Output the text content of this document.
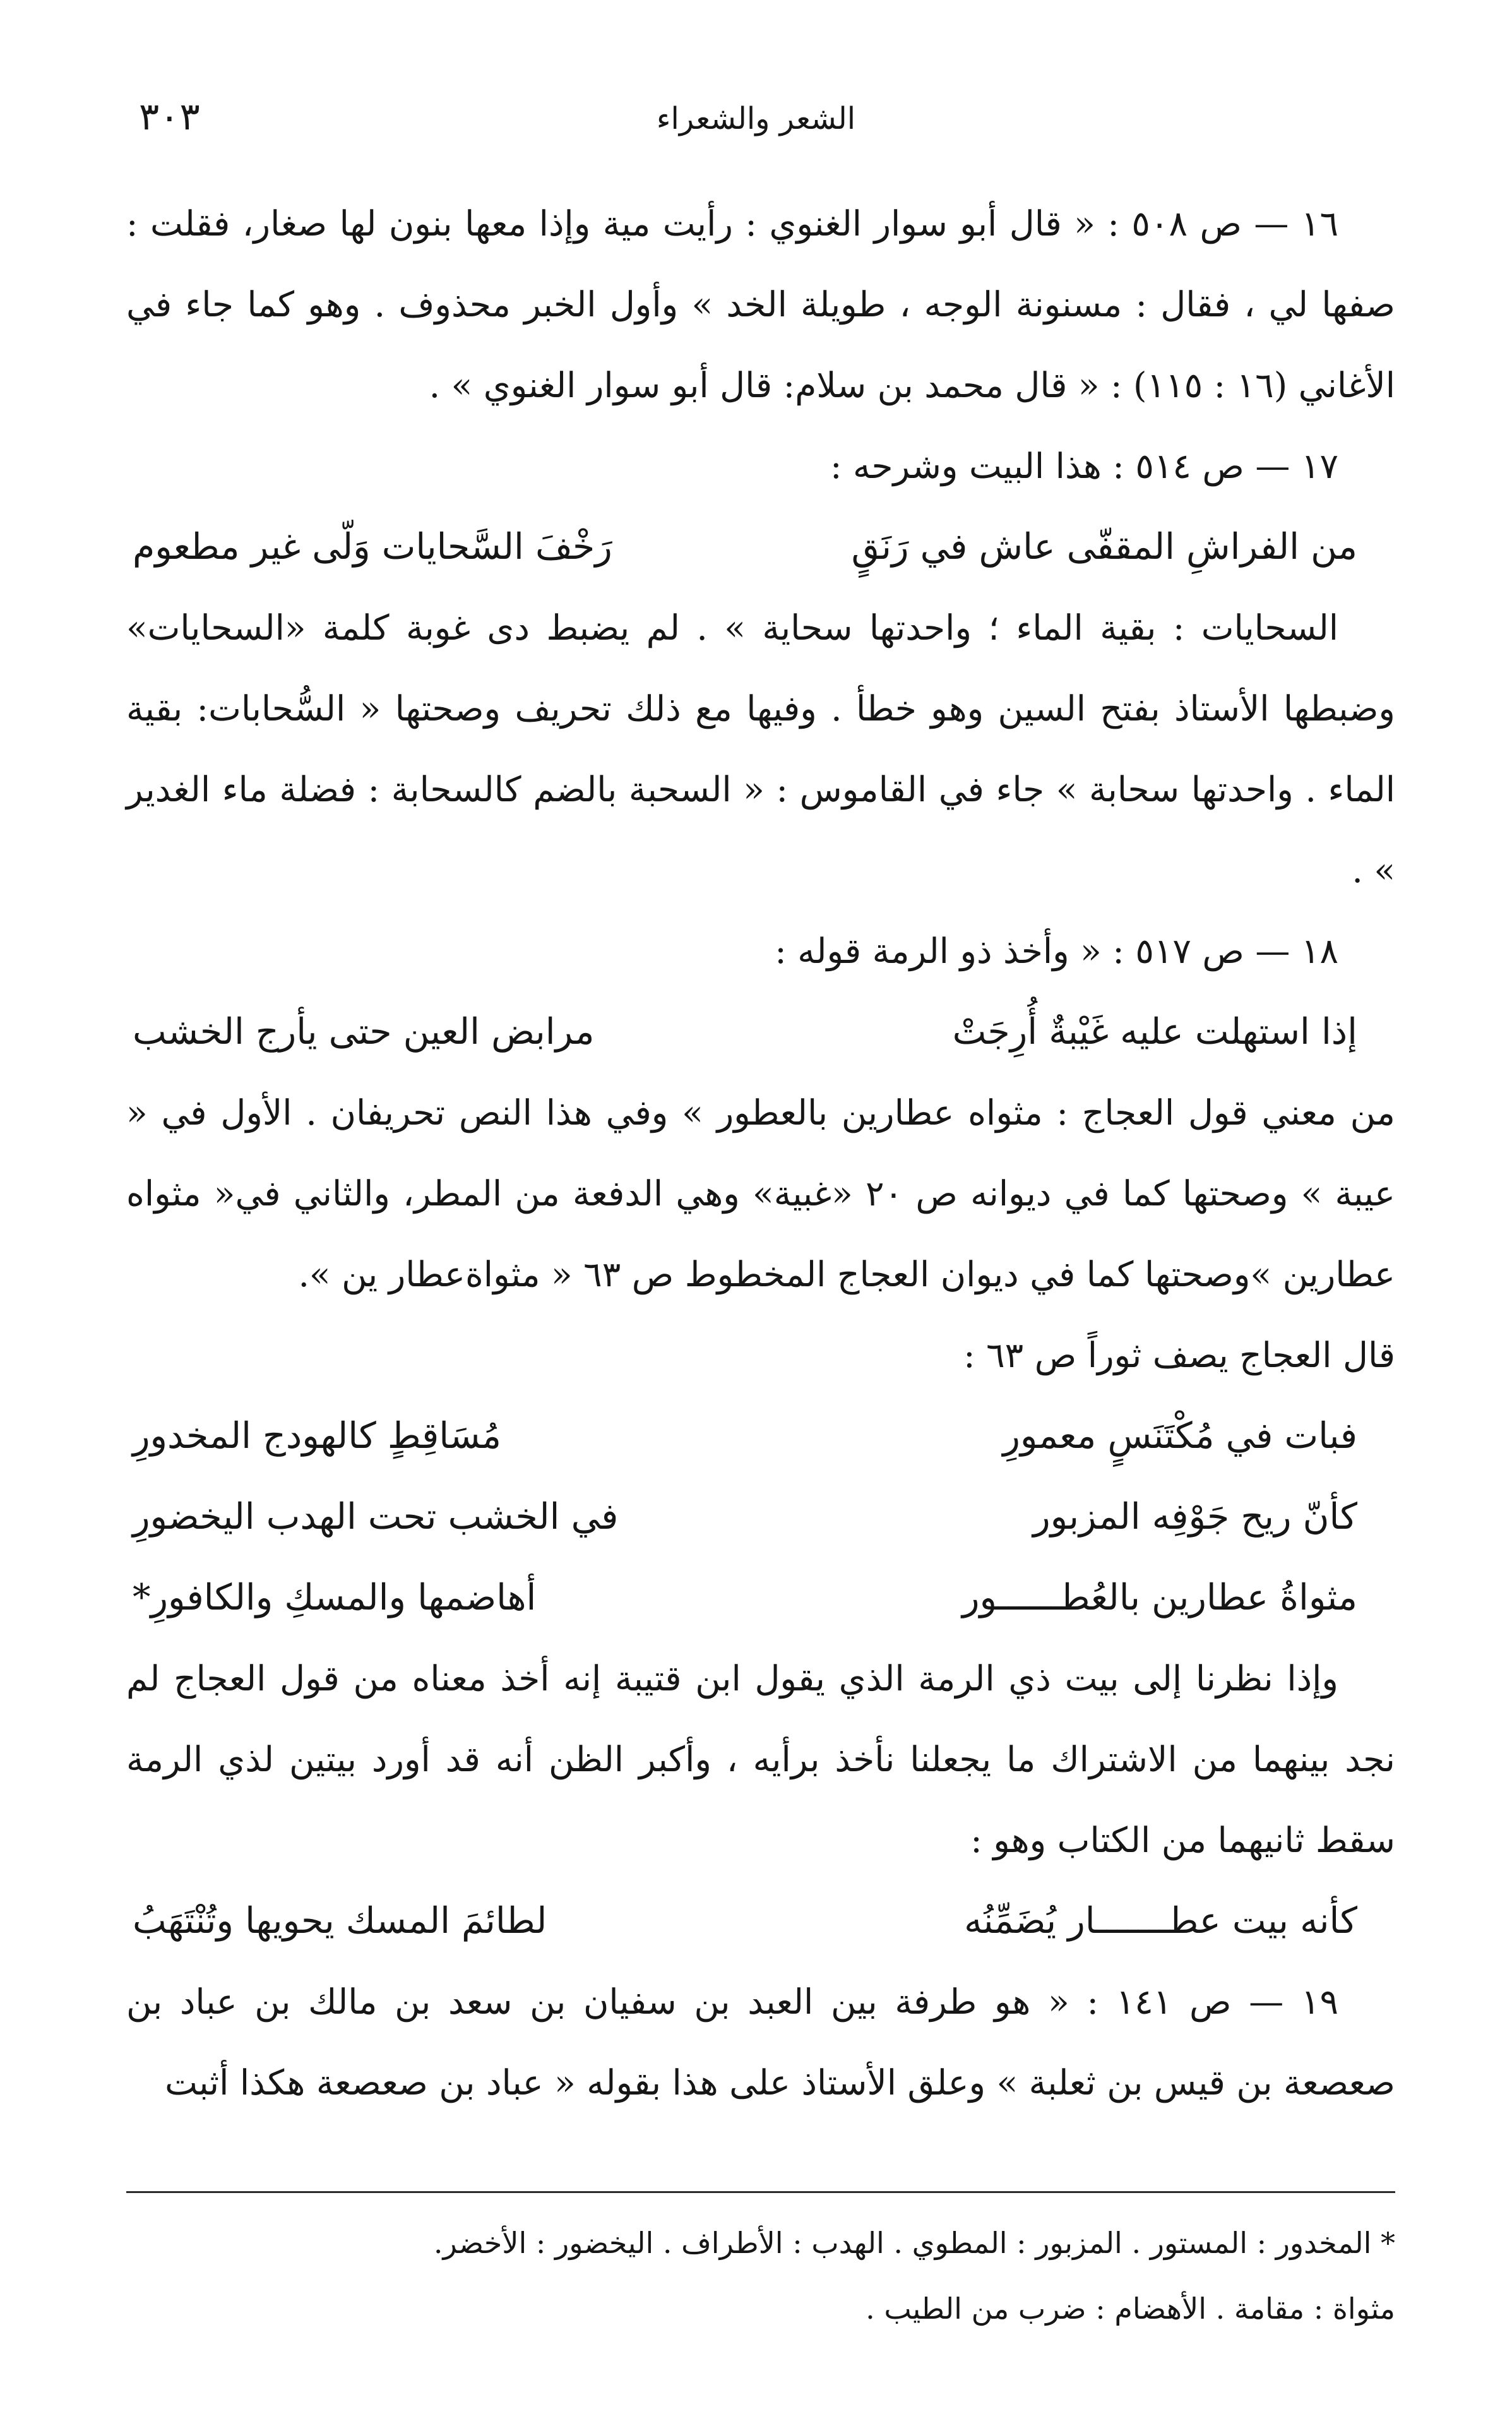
٣٠٣	الشعر والشعراء

١٦ — ص ٥٠٨ : « قال أبو سوار الغنوي : رأيت مية وإذا معها بنون لها صغار، فقلت : صفها لي ، فقال : مسنونة الوجه ، طويلة الخد » وأول الخبر محذوف . وهو كما جاء في الأغاني (١٦ : ١١٥) : « قال محمد بن سلام: قال أبو سوار الغنوي » .

١٧ — ص ٥١٤ : هذا البيت وشرحه :

من الفراشِ المقفّى عاش في رَنَقٍ
رَخْفَ السَّحايات وَلّى غير مطعوم

السحايات : بقية الماء ؛ واحدتها سحاية » . لم يضبط دى غوبة كلمة «السحايات» وضبطها الأستاذ بفتح السين وهو خطأ . وفيها مع ذلك تحريف وصحتها « السُّحابات: بقية الماء . واحدتها سحابة » جاء في القاموس : « السحبة بالضم كالسحابة : فضلة ماء الغدير » .

١٨ — ص ٥١٧ : « وأخذ ذو الرمة قوله :

إذا استهلت عليه غَيْبةٌ أُرِجَتْ
مرابض العين حتى يأرج الخشب

من معني قول العجاج : مثواه عطارين بالعطور » وفي هذا النص تحريفان . الأول في « عيبة » وصحتها كما في ديوانه ص ٢٠ «غبية» وهي الدفعة من المطر، والثاني في« مثواه عطارين »وصحتها كما في ديوان العجاج المخطوط ص ٦٣ « مثواةعطار ين ».

قال العجاج يصف ثوراً ص ٦٣ :

فبات في مُكْتَنَسٍ معمورِ
مُسَاقِطٍ كالهودج المخدورِ
كأنّ ريح جَوْفِه المزبور
في الخشب تحت الهدب اليخضورِ
مثواةُ عطارين بالعُطــــــور
أهاضمها والمسكِ والكافورِ*

وإذا نظرنا إلى بيت ذي الرمة الذي يقول ابن قتيبة إنه أخذ معناه من قول العجاج لم نجد بينهما من الاشتراك ما يجعلنا نأخذ برأيه ، وأكبر الظن أنه قد أورد بيتين لذي الرمة سقط ثانيهما من الكتاب وهو :

كأنه بيت عطـــــــار يُضَمِّنُه
لطائمَ المسك يحويها وتُنْتَهَبُ

١٩ — ص ١٤١ : « هو طرفة بين العبد بن سفيان بن سعد بن مالك بن عباد بن صعصعة بن قيس بن ثعلبة » وعلق الأستاذ على هذا بقوله « عباد بن صعصعة هكذا أثبت

* المخدور : المستور . المزبور : المطوي . الهدب : الأطراف . اليخضور : الأخضر.

مثواة : مقامة . الأهضام : ضرب من الطيب .
